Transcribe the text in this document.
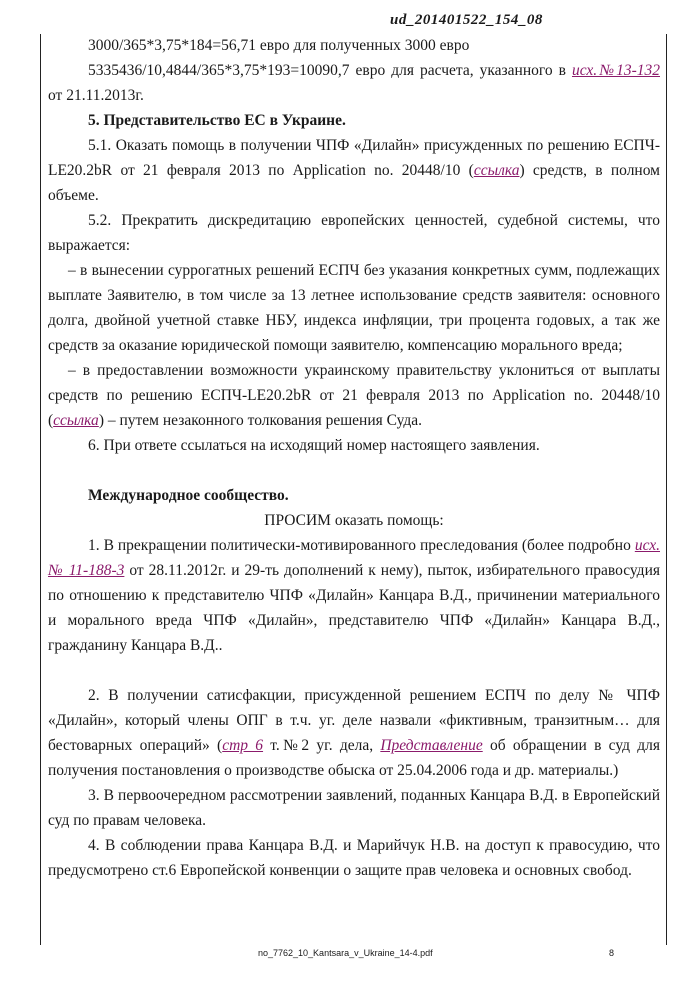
ud_201401522_154_08

3000/365*3,75*184=56,71 евро для полученных 3000 евро

5335436/10,4844/365*3,75*193=10090,7 евро для расчета, указанного в исх.№13-132 от 21.11.2013г.

5. Представительство ЕС в Украине.

5.1. Оказать помощь в получении ЧПФ «Дилайн» присужденных по решению ЕСПЧ-LE20.2bR от 21 февраля 2013 по Application no. 20448/10 (ссылка) средств, в полном объеме.

5.2. Прекратить дискредитацию европейских ценностей, судебной системы, что выражается:

– в вынесении суррогатных решений ЕСПЧ без указания конкретных сумм, подлежащих выплате Заявителю, в том числе за 13 летнее использование средств заявителя: основного долга, двойной учетной ставке НБУ, индекса инфляции, три процента годовых, а так же средств за оказание юридической помощи заявителю, компенсацию морального вреда;

– в предоставлении возможности украинскому правительству уклониться от выплаты средств по решению ЕСПЧ-LE20.2bR от 21 февраля 2013 по Application no. 20448/10 (ссылка) – путем незаконного толкования решения Суда.

6. При ответе ссылаться на исходящий номер настоящего заявления.

Международное сообщество.

ПРОСИМ оказать помощь:

1. В прекращении политически-мотивированного преследования (более подробно исх. № 11-188-3 от 28.11.2012г. и 29-ть дополнений к нему), пыток, избирательного правосудия по отношению к представителю ЧПФ «Дилайн» Канцара В.Д., причинении материального и морального вреда ЧПФ «Дилайн», представителю ЧПФ «Дилайн» Канцара В.Д., гражданину Канцара В.Д..

2. В получении сатисфакции, присужденной решением ЕСПЧ по делу № ЧПФ «Дилайн», который члены ОПГ в т.ч. уг. деле назвали «фиктивным, транзитным… для бестоварных операций» (стр 6 т.№2 уг. дела, Представление об обращении в суд для получения постановления о производстве обыска от 25.04.2006 года и др. материалы.)

3. В первоочередном рассмотрении заявлений, поданных Канцара В.Д. в Европейский суд по правам человека.

4. В соблюдении права Канцара В.Д. и Марийчук Н.В. на доступ к правосудию, что предусмотрено ст.6 Европейской конвенции о защите прав человека и основных свобод.

no_7762_10_Kantsara_v_Ukraine_14-4.pdf	8
